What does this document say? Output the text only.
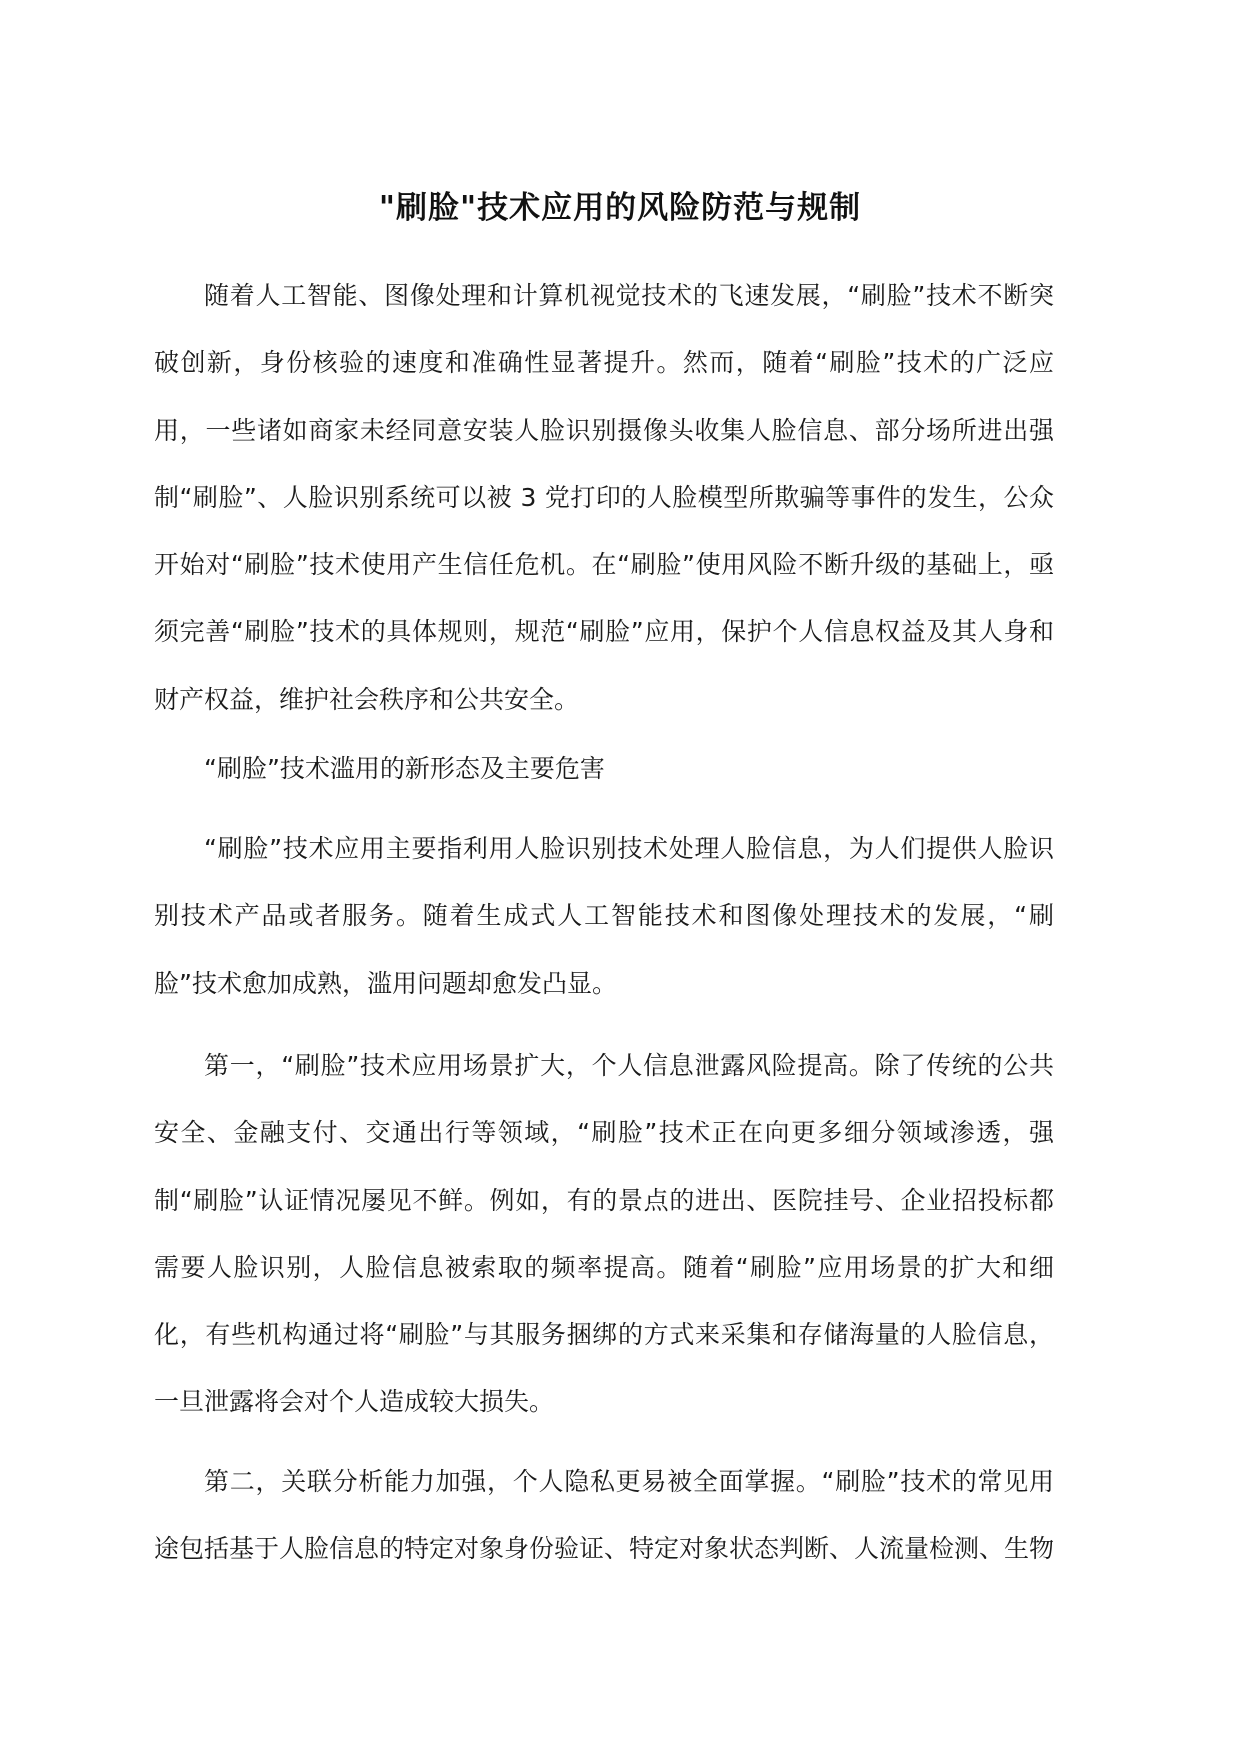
"刷脸"技术应用的风险防范与规制

随着人工智能、图像处理和计算机视觉技术的飞速发展，“刷脸”技术不断突破创新，身份核验的速度和准确性显著提升。然而，随着“刷脸”技术的广泛应用，一些诸如商家未经同意安装人脸识别摄像头收集人脸信息、部分场所进出强制“刷脸”、人脸识别系统可以被 3 党打印的人脸模型所欺骗等事件的发生，公众开始对“刷脸”技术使用产生信任危机。在“刷脸”使用风险不断升级的基础上，亟须完善“刷脸”技术的具体规则，规范“刷脸”应用，保护个人信息权益及其人身和财产权益，维护社会秩序和公共安全。

“刷脸”技术滥用的新形态及主要危害

“刷脸”技术应用主要指利用人脸识别技术处理人脸信息，为人们提供人脸识别技术产品或者服务。随着生成式人工智能技术和图像处理技术的发展，“刷脸”技术愈加成熟，滥用问题却愈发凸显。

第一，“刷脸”技术应用场景扩大，个人信息泄露风险提高。除了传统的公共安全、金融支付、交通出行等领域，“刷脸”技术正在向更多细分领域渗透，强制“刷脸”认证情况屡见不鲜。例如，有的景点的进出、医院挂号、企业招投标都需要人脸识别，人脸信息被索取的频率提高。随着“刷脸”应用场景的扩大和细化，有些机构通过将“刷脸”与其服务捆绑的方式来采集和存储海量的人脸信息，一旦泄露将会对个人造成较大损失。

第二，关联分析能力加强，个人隐私更易被全面掌握。“刷脸”技术的常见用途包括基于人脸信息的特定对象身份验证、特定对象状态判断、人流量检测、生物
